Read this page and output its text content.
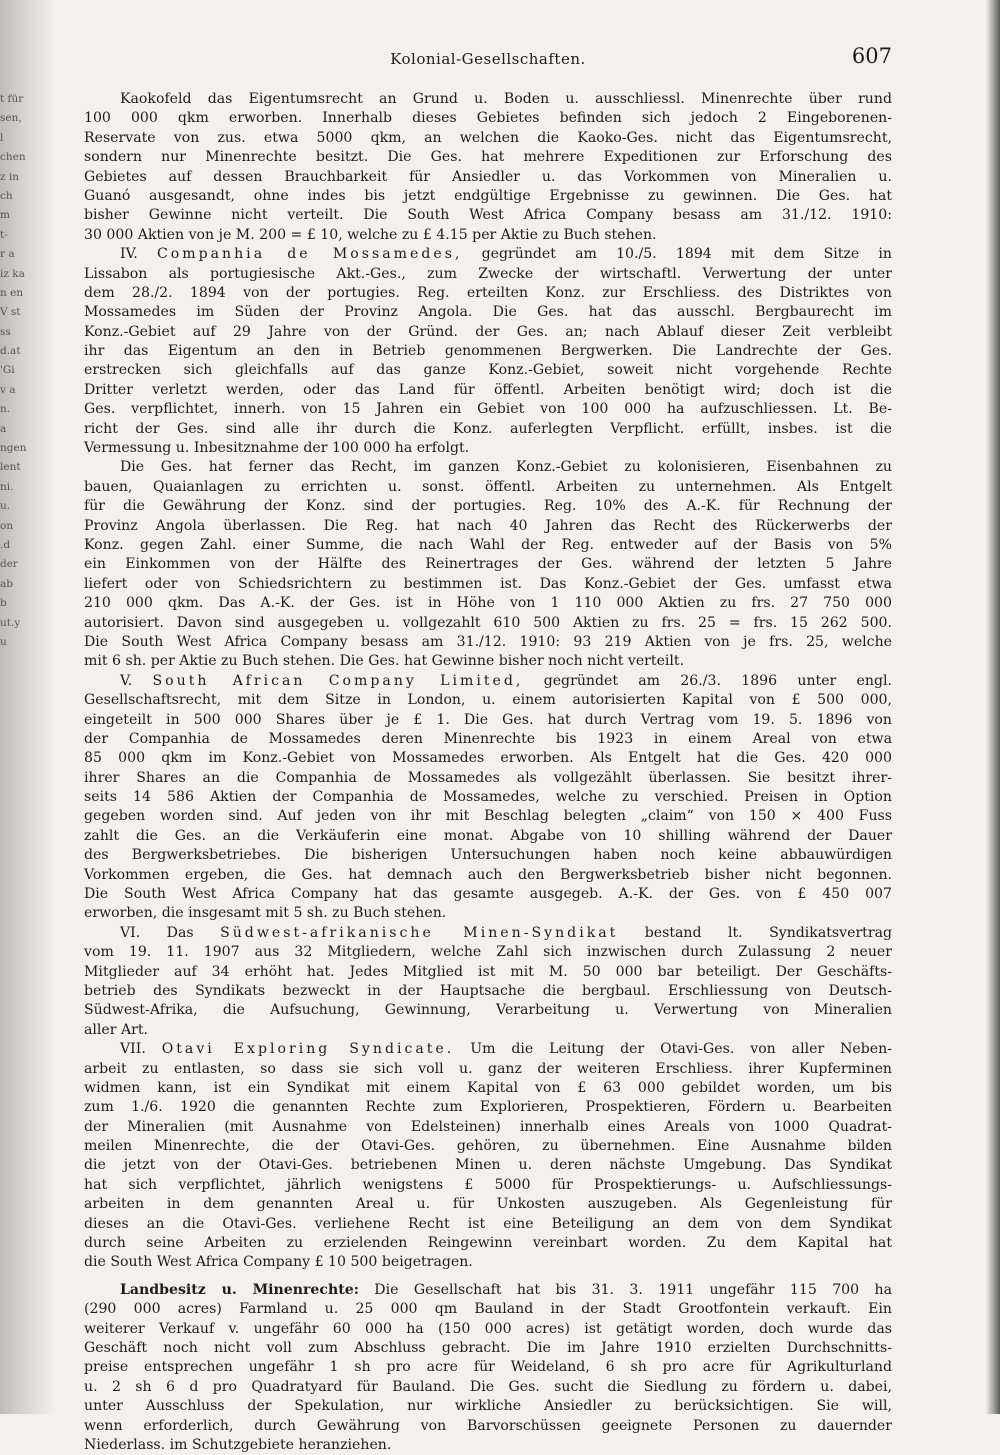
t für
sen,
l
chen
z in
ch
m
t-
r a
iz ka
n en
V st
ss
d.at
'Gi
v a
n.
a
ngen
lent
ni.
u.
on
.d
der
ab
b
ut.y
u
Kolonial-Gesellschaften.	607
Kaokofeld das Eigentumsrecht an Grund u. Boden u. ausschliessl. Minenrechte über rund
100 000 qkm erworben. Innerhalb dieses Gebietes befinden sich jedoch 2 Eingeborenen-
Reservate von zus. etwa 5000 qkm, an welchen die Kaoko-Ges. nicht das Eigentumsrecht,
sondern nur Minenrechte besitzt. Die Ges. hat mehrere Expeditionen zur Erforschung des
Gebietes auf dessen Brauchbarkeit für Ansiedler u. das Vorkommen von Mineralien u.
Guanó ausgesandt, ohne indes bis jetzt endgültige Ergebnisse zu gewinnen. Die Ges. hat
bisher Gewinne nicht verteilt. Die South West Africa Company besass am 31./12. 1910:
30 000 Aktien von je M. 200 = £ 10, welche zu £ 4.15 per Aktie zu Buch stehen.
IV. Companhia de Mossamedes, gegründet am 10./5. 1894 mit dem Sitze in
Lissabon als portugiesische Akt.-Ges., zum Zwecke der wirtschaftl. Verwertung der unter
dem 28./2. 1894 von der portugies. Reg. erteilten Konz. zur Erschliess. des Distriktes von
Mossamedes im Süden der Provinz Angola. Die Ges. hat das ausschl. Bergbaurecht im
Konz.-Gebiet auf 29 Jahre von der Gründ. der Ges. an; nach Ablauf dieser Zeit verbleibt
ihr das Eigentum an den in Betrieb genommenen Bergwerken. Die Landrechte der Ges.
erstrecken sich gleichfalls auf das ganze Konz.-Gebiet, soweit nicht vorgehende Rechte
Dritter verletzt werden, oder das Land für öffentl. Arbeiten benötigt wird; doch ist die
Ges. verpflichtet, innerh. von 15 Jahren ein Gebiet von 100 000 ha aufzuschliessen. Lt. Be-
richt der Ges. sind alle ihr durch die Konz. auferlegten Verpflicht. erfüllt, insbes. ist die
Vermessung u. Inbesitznahme der 100 000 ha erfolgt.
Die Ges. hat ferner das Recht, im ganzen Konz.-Gebiet zu kolonisieren, Eisenbahnen zu
bauen, Quaianlagen zu errichten u. sonst. öffentl. Arbeiten zu unternehmen. Als Entgelt
für die Gewährung der Konz. sind der portugies. Reg. 10% des A.-K. für Rechnung der
Provinz Angola überlassen. Die Reg. hat nach 40 Jahren das Recht des Rückerwerbs der
Konz. gegen Zahl. einer Summe, die nach Wahl der Reg. entweder auf der Basis von 5%
ein Einkommen von der Hälfte des Reinertrages der Ges. während der letzten 5 Jahre
liefert oder von Schiedsrichtern zu bestimmen ist. Das Konz.-Gebiet der Ges. umfasst etwa
210 000 qkm. Das A.-K. der Ges. ist in Höhe von 1 110 000 Aktien zu frs. 27 750 000
autorisiert. Davon sind ausgegeben u. vollgezahlt 610 500 Aktien zu frs. 25 = frs. 15 262 500.
Die South West Africa Company besass am 31./12. 1910: 93 219 Aktien von je frs. 25, welche
mit 6 sh. per Aktie zu Buch stehen. Die Ges. hat Gewinne bisher noch nicht verteilt.
V. South African Company Limited, gegründet am 26./3. 1896 unter engl.
Gesellschaftsrecht, mit dem Sitze in London, u. einem autorisierten Kapital von £ 500 000,
eingeteilt in 500 000 Shares über je £ 1. Die Ges. hat durch Vertrag vom 19. 5. 1896 von
der Companhia de Mossamedes deren Minenrechte bis 1923 in einem Areal von etwa
85 000 qkm im Konz.-Gebiet von Mossamedes erworben. Als Entgelt hat die Ges. 420 000
ihrer Shares an die Companhia de Mossamedes als vollgezählt überlassen. Sie besitzt ihrer-
seits 14 586 Aktien der Companhia de Mossamedes, welche zu verschied. Preisen in Option
gegeben worden sind. Auf jeden von ihr mit Beschlag belegten „claim“ von 150 × 400 Fuss
zahlt die Ges. an die Verkäuferin eine monat. Abgabe von 10 shilling während der Dauer
des Bergwerksbetriebes. Die bisherigen Untersuchungen haben noch keine abbauwürdigen
Vorkommen ergeben, die Ges. hat demnach auch den Bergwerksbetrieb bisher nicht begonnen.
Die South West Africa Company hat das gesamte ausgegeb. A.-K. der Ges. von £ 450 007
erworben, die insgesamt mit 5 sh. zu Buch stehen.
VI. Das Südwest-afrikanische Minen-Syndikat bestand lt. Syndikatsvertrag
vom 19. 11. 1907 aus 32 Mitgliedern, welche Zahl sich inzwischen durch Zulassung 2 neuer
Mitglieder auf 34 erhöht hat. Jedes Mitglied ist mit M. 50 000 bar beteiligt. Der Geschäfts-
betrieb des Syndikats bezweckt in der Hauptsache die bergbaul. Erschliessung von Deutsch-
Südwest-Afrika, die Aufsuchung, Gewinnung, Verarbeitung u. Verwertung von Mineralien
aller Art.
VII. Otavi Exploring Syndicate. Um die Leitung der Otavi-Ges. von aller Neben-
arbeit zu entlasten, so dass sie sich voll u. ganz der weiteren Erschliess. ihrer Kupferminen
widmen kann, ist ein Syndikat mit einem Kapital von £ 63 000 gebildet worden, um bis
zum 1./6. 1920 die genannten Rechte zum Explorieren, Prospektieren, Fördern u. Bearbeiten
der Mineralien (mit Ausnahme von Edelsteinen) innerhalb eines Areals von 1000 Quadrat-
meilen Minenrechte, die der Otavi-Ges. gehören, zu übernehmen. Eine Ausnahme bilden
die jetzt von der Otavi-Ges. betriebenen Minen u. deren nächste Umgebung. Das Syndikat
hat sich verpflichtet, jährlich wenigstens £ 5000 für Prospektierungs- u. Aufschliessungs-
arbeiten in dem genannten Areal u. für Unkosten auszugeben. Als Gegenleistung für
dieses an die Otavi-Ges. verliehene Recht ist eine Beteiligung an dem von dem Syndikat
durch seine Arbeiten zu erzielenden Reingewinn vereinbart worden. Zu dem Kapital hat
die South West Africa Company £ 10 500 beigetragen.
Landbesitz u. Minenrechte: Die Gesellschaft hat bis 31. 3. 1911 ungefähr 115 700 ha
(290 000 acres) Farmland u. 25 000 qm Bauland in der Stadt Grootfontein verkauft. Ein
weiterer Verkauf v. ungefähr 60 000 ha (150 000 acres) ist getätigt worden, doch wurde das
Geschäft noch nicht voll zum Abschluss gebracht. Die im Jahre 1910 erzielten Durchschnitts-
preise entsprechen ungefähr 1 sh pro acre für Weideland, 6 sh pro acre für Agrikulturland
u. 2 sh 6 d pro Quadratyard für Bauland. Die Ges. sucht die Siedlung zu fördern u. dabei,
unter Ausschluss der Spekulation, nur wirkliche Ansiedler zu berücksichtigen. Sie will,
wenn erforderlich, durch Gewährung von Barvorschüssen geeignete Personen zu dauernder
Niederlass. im Schutzgebiete heranziehen.
